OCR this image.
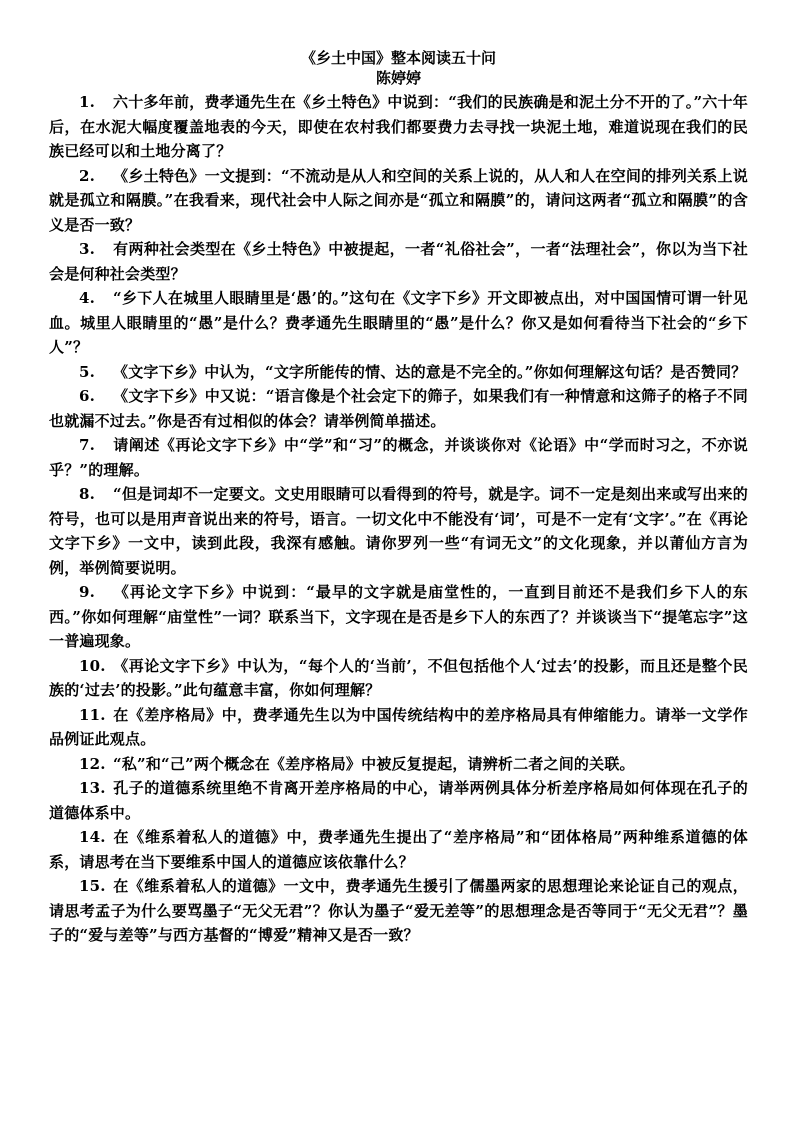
《乡土中国》整本阅读五十问
陈婷婷

1. 六十多年前，费孝通先生在《乡土特色》中说到：“我们的民族确是和泥土分不开的了。”六十年后，在水泥大幅度覆盖地表的今天，即使在农村我们都要费力去寻找一块泥土地，难道说现在我们的民族已经可以和土地分离了？

2. 《乡土特色》一文提到：“不流动是从人和空间的关系上说的，从人和人在空间的排列关系上说就是孤立和隔膜。”在我看来，现代社会中人际之间亦是“孤立和隔膜”的，请问这两者“孤立和隔膜”的含义是否一致？

3. 有两种社会类型在《乡土特色》中被提起，一者“礼俗社会”，一者“法理社会”，你以为当下社会是何种社会类型？

4. “乡下人在城里人眼睛里是‘愚’的。”这句在《文字下乡》开文即被点出，对中国国情可谓一针见血。城里人眼睛里的“愚”是什么？费孝通先生眼睛里的“愚”是什么？你又是如何看待当下社会的“乡下人”？

5. 《文字下乡》中认为，“文字所能传的情、达的意是不完全的。”你如何理解这句话？是否赞同？

6. 《文字下乡》中又说：“语言像是个社会定下的筛子，如果我们有一种情意和这筛子的格子不同也就漏不过去。”你是否有过相似的体会？请举例简单描述。

7. 请阐述《再论文字下乡》中“学”和“习”的概念，并谈谈你对《论语》中“学而时习之，不亦说乎？”的理解。

8. “但是词却不一定要文。文史用眼睛可以看得到的符号，就是字。词不一定是刻出来或写出来的符号，也可以是用声音说出来的符号，语言。一切文化中不能没有‘词’，可是不一定有‘文字’。”在《再论文字下乡》一文中，读到此段，我深有感触。请你罗列一些“有词无文”的文化现象，并以莆仙方言为例，举例简要说明。

9. 《再论文字下乡》中说到：“最早的文字就是庙堂性的，一直到目前还不是我们乡下人的东西。”你如何理解“庙堂性”一词？联系当下，文字现在是否是乡下人的东西了？并谈谈当下“提笔忘字”这一普遍现象。

10. 《再论文字下乡》中认为，“每个人的‘当前’，不但包括他个人‘过去’的投影，而且还是整个民族的‘过去’的投影。”此句蕴意丰富，你如何理解？

11. 在《差序格局》中，费孝通先生以为中国传统结构中的差序格局具有伸缩能力。请举一文学作品例证此观点。

12. “私”和“己”两个概念在《差序格局》中被反复提起，请辨析二者之间的关联。

13. 孔子的道德系统里绝不肯离开差序格局的中心，请举两例具体分析差序格局如何体现在孔子的道德体系中。

14. 在《维系着私人的道德》中，费孝通先生提出了“差序格局”和“团体格局”两种维系道德的体系，请思考在当下要维系中国人的道德应该依靠什么？

15. 在《维系着私人的道德》一文中，费孝通先生援引了儒墨两家的思想理论来论证自己的观点，请思考孟子为什么要骂墨子“无父无君”？你认为墨子“爱无差等”的思想理念是否等同于“无父无君”？墨子的“爱与差等”与西方基督的“博爱”精神又是否一致？
